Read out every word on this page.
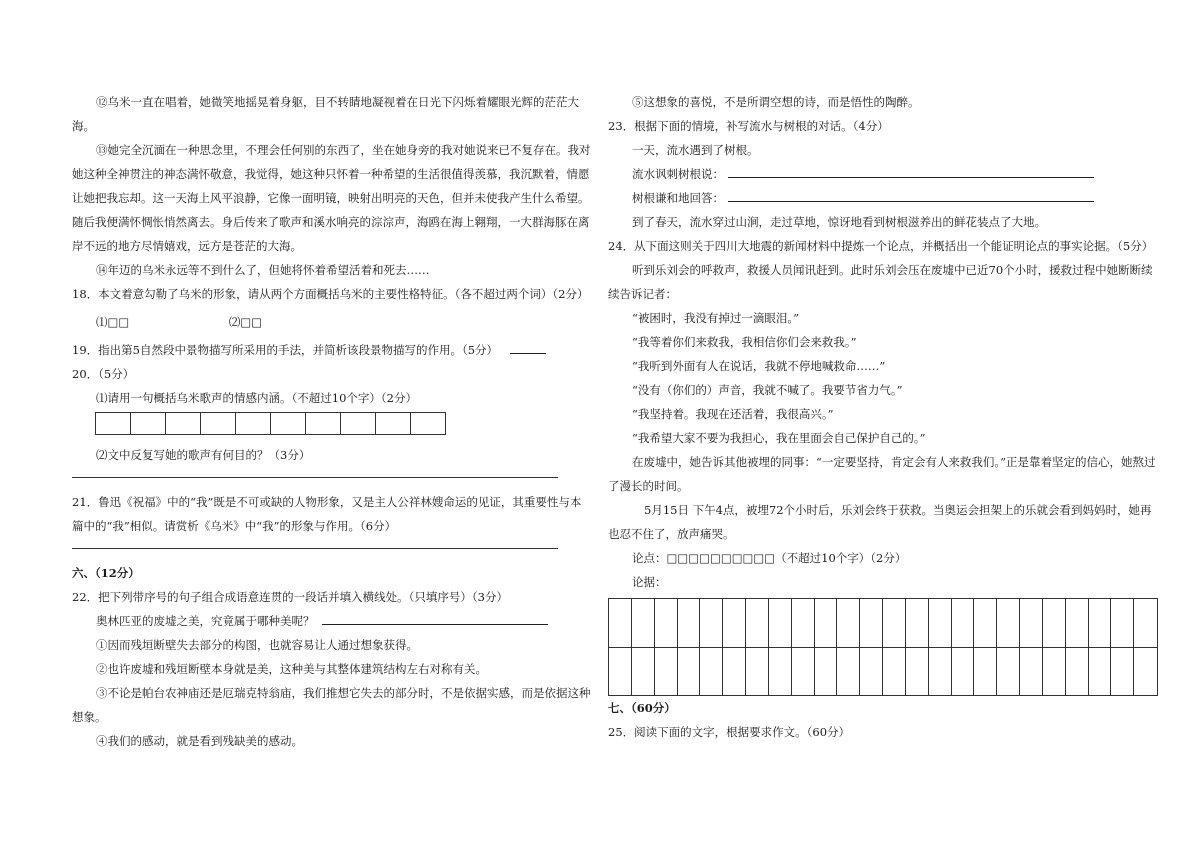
⑫乌米一直在唱着，她微笑地摇晃着身躯，目不转睛地凝视着在日光下闪烁着耀眼光辉的茫茫大海。

⑬她完全沉湎在一种思念里，不理会任何别的东西了，坐在她身旁的我对她说来已不复存在。我对她这种全神贯注的神态满怀敬意，我觉得，她这种只怀着一种希望的生活很值得羡慕，我沉默着，情愿让她把我忘却。这一天海上风平浪静，它像一面明镜，映射出明亮的天色，但并未使我产生什么希望。随后我便满怀惆怅悄然离去。身后传来了歌声和溪水响亮的淙淙声，海鸥在海上翱翔，一大群海豚在离岸不远的地方尽情嬉戏，远方是苍茫的大海。

⑭年迈的乌米永远等不到什么了，但她将怀着希望活着和死去……

18．本文着意勾勒了乌米的形象，请从两个方面概括乌米的主要性格特征。（各不超过两个词）（2分）

⑴□□	⑵□□

19．指出第5自然段中景物描写所采用的手法，并简析该段景物描写的作用。（5分）

20．（5分）

⑴请用一句概括乌米歌声的情感内涵。（不超过10个字）（2分）

⑵文中反复写她的歌声有何目的？（3分）

21．鲁迅《祝福》中的“我”既是不可或缺的人物形象，又是主人公祥林嫂命运的见证，其重要性与本篇中的“我”相似。请赏析《乌米》中“我”的形象与作用。（6分）

六、（12分）

22．把下列带序号的句子组合成语意连贯的一段话并填入横线处。（只填序号）（3分）

奥林匹亚的废墟之美，究竟属于哪种美呢？

①因而残垣断壁失去部分的构图，也就容易让人通过想象获得。

②也许废墟和残垣断壁本身就是美，这种美与其整体建筑结构左右对称有关。

③不论是帕台农神庙还是厄瑞克特翁庙，我们推想它失去的部分时，不是依据实感，而是依据这种想象。

④我们的感动，就是看到残缺美的感动。

⑤这想象的喜悦，不是所谓空想的诗，而是悟性的陶醉。

23．根据下面的情境，补写流水与树根的对话。（4分）

一天，流水遇到了树根。

流水讽刺树根说：

树根谦和地回答：

到了春天，流水穿过山涧，走过草地，惊讶地看到树根滋养出的鲜花装点了大地。

24．从下面这则关于四川大地震的新闻材料中提炼一个论点，并概括出一个能证明论点的事实论据。（5分）

听到乐刘会的呼救声，救援人员闻讯赶到。此时乐刘会压在废墟中已近70个小时，援救过程中她断断续续告诉记者：

“被困时，我没有掉过一滴眼泪。”

“我等着你们来救我，我相信你们会来救我。”

“我听到外面有人在说话，我就不停地喊救命……”

“没有（你们的）声音，我就不喊了。我要节省力气。”

“我坚持着。我现在还活着，我很高兴。”

“我希望大家不要为我担心，我在里面会自己保护自己的。”

在废墟中，她告诉其他被埋的同事：“一定要坚持，肯定会有人来救我们。”正是靠着坚定的信心，她熬过了漫长的时间。

5月15日 下午4点，被埋72个小时后，乐刘会终于获救。当奥运会担架上的乐就会看到妈妈时，她再也忍不住了，放声痛哭。

论点：□□□□□□□□□□（不超过10个字）（2分）

论据：

七、（60分）

25．阅读下面的文字，根据要求作文。（60分）
